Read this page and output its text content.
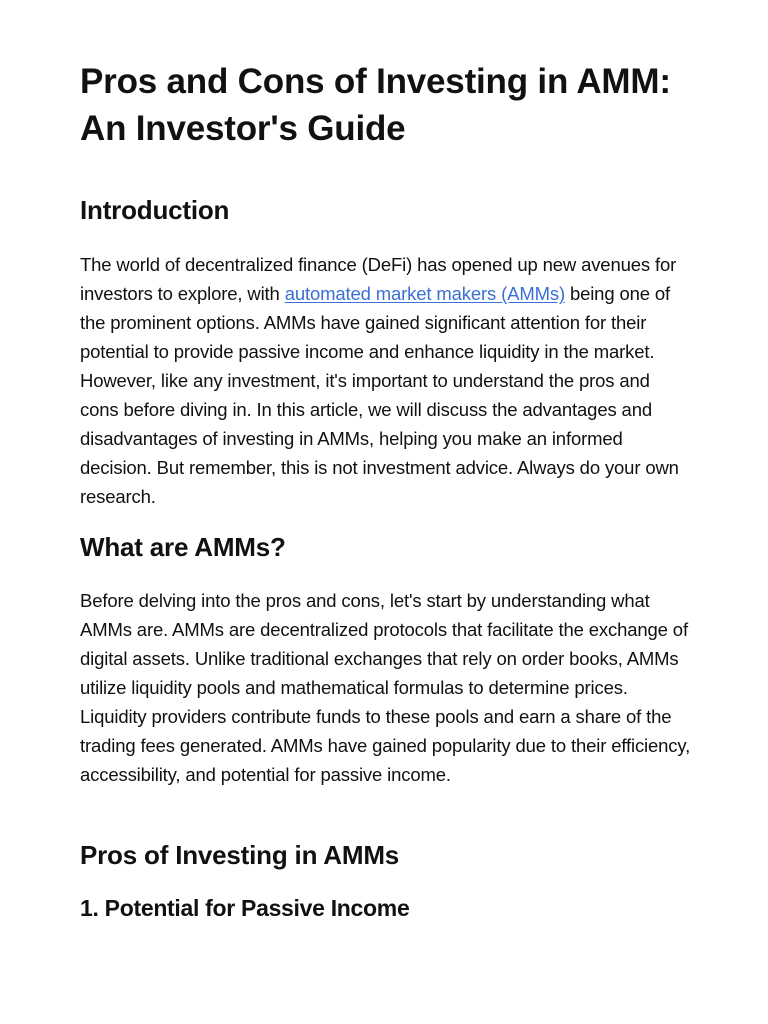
Pros and Cons of Investing in AMM: An Investor's Guide
Introduction

The world of decentralized finance (DeFi) has opened up new avenues for investors to explore, with automated market makers (AMMs) being one of the prominent options. AMMs have gained significant attention for their potential to provide passive income and enhance liquidity in the market. However, like any investment, it's important to understand the pros and cons before diving in. In this article, we will discuss the advantages and disadvantages of investing in AMMs, helping you make an informed decision. But remember, this is not investment advice. Always do your own research.

What are AMMs?

Before delving into the pros and cons, let's start by understanding what AMMs are. AMMs are decentralized protocols that facilitate the exchange of digital assets. Unlike traditional exchanges that rely on order books, AMMs utilize liquidity pools and mathematical formulas to determine prices. Liquidity providers contribute funds to these pools and earn a share of the trading fees generated. AMMs have gained popularity due to their efficiency, accessibility, and potential for passive income.

Pros of Investing in AMMs
1. Potential for Passive Income
